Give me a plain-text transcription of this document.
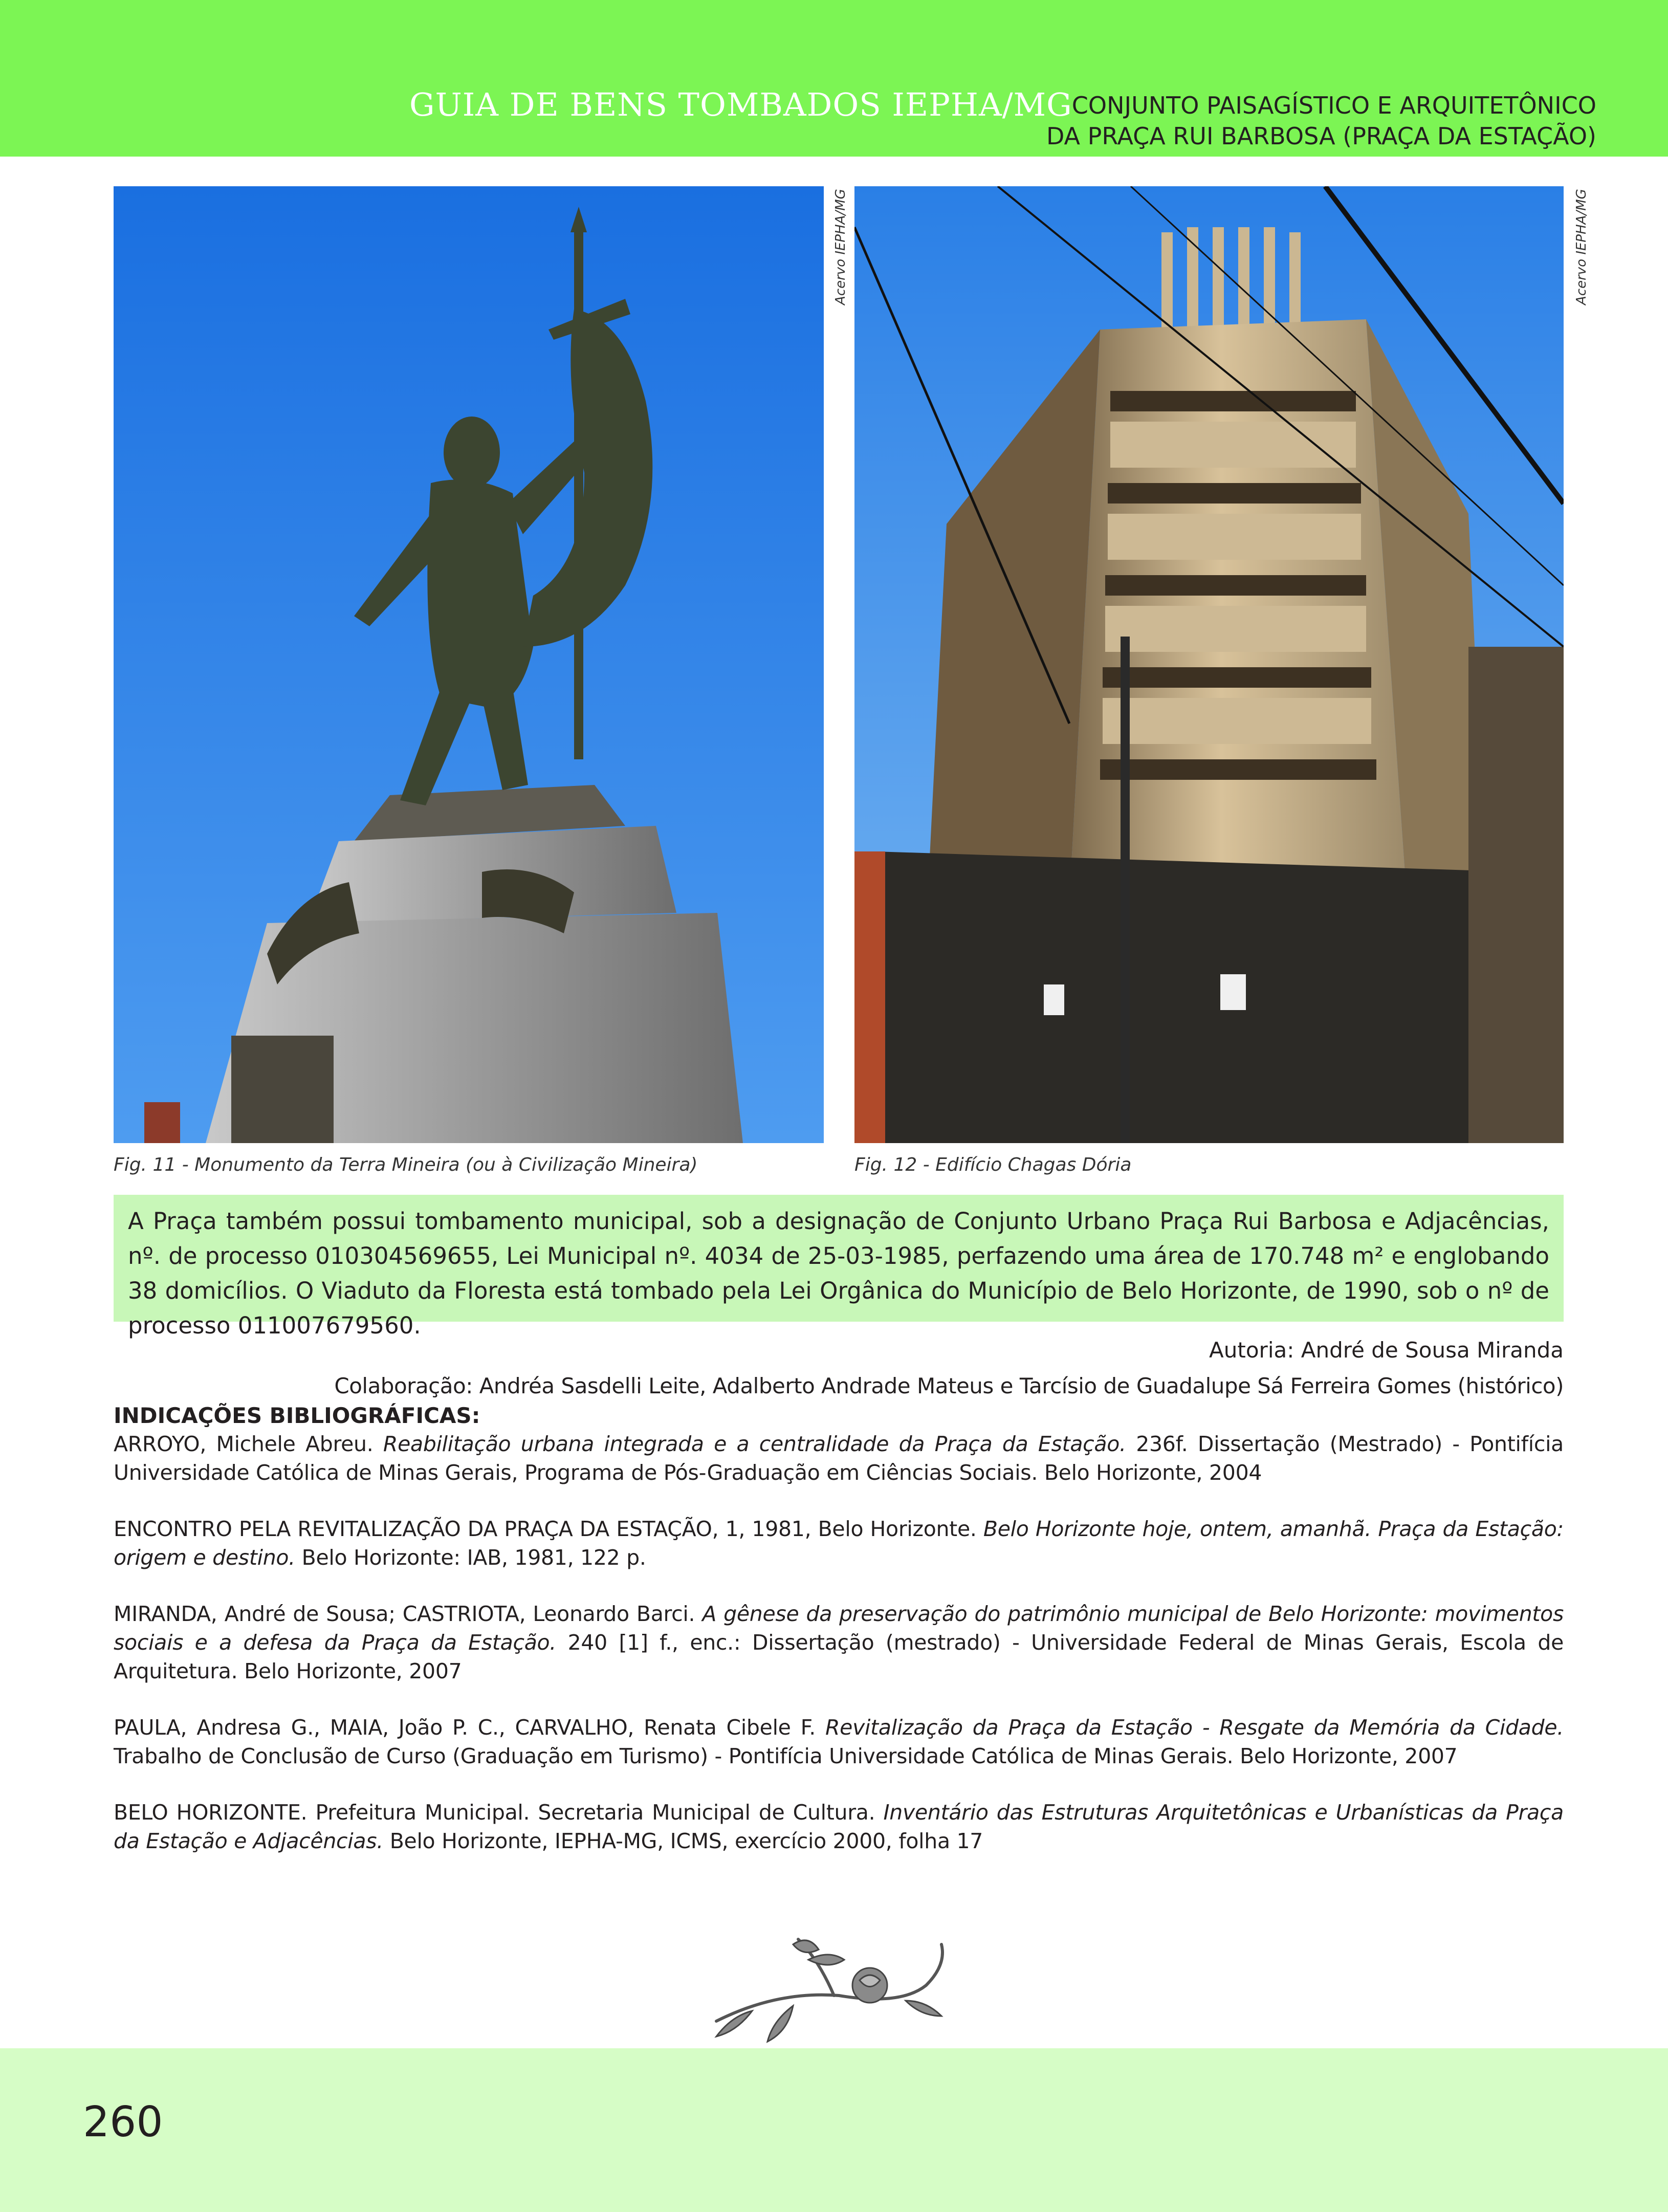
GUIA DE BENS TOMBADOS IEPHA/MG CONJUNTO PAISAGÍSTICO E ARQUITETÔNICO
DA PRAÇA RUI BARBOSA (PRAÇA DA ESTAÇÃO)
Acervo IEPHA/MG
Fig. 11 - Monumento da Terra Mineira (ou à Civilização Mineira)
Acervo IEPHA/MG
Fig. 12 - Edifício Chagas Dória
A Praça também possui tombamento municipal, sob a designação de Conjunto Urbano Praça Rui Barbosa e Adjacências, nº. de processo 010304569655, Lei Municipal nº. 4034 de 25-03-1985, perfazendo uma área de 170.748 m² e englobando 38 domicílios. O Viaduto da Floresta está tombado pela Lei Orgânica do Município de Belo Horizonte, de 1990, sob o nº de processo 011007679560.
Autoria: André de Sousa Miranda
Colaboração: Andréa Sasdelli Leite, Adalberto Andrade Mateus e Tarcísio de Guadalupe Sá Ferreira Gomes (histórico)
INDICAÇÕES BIBLIOGRÁFICAS:
ARROYO, Michele Abreu. Reabilitação urbana integrada e a centralidade da Praça da Estação. 236f. Dissertação (Mestrado) - Pontifícia Universidade Católica de Minas Gerais, Programa de Pós-Graduação em Ciências Sociais. Belo Horizonte, 2004
ENCONTRO PELA REVITALIZAÇÃO DA PRAÇA DA ESTAÇÃO, 1, 1981, Belo Horizonte. Belo Horizonte hoje, ontem, amanhã. Praça da Estação: origem e destino. Belo Horizonte: IAB, 1981, 122 p.
MIRANDA, André de Sousa; CASTRIOTA, Leonardo Barci. A gênese da preservação do patrimônio municipal de Belo Horizonte: movimentos sociais e a defesa da Praça da Estação. 240 [1] f., enc.: Dissertação (mestrado) - Universidade Federal de Minas Gerais, Escola de Arquitetura. Belo Horizonte, 2007
PAULA, Andresa G., MAIA, João P. C., CARVALHO, Renata Cibele F. Revitalização da Praça da Estação - Resgate da Memória da Cidade. Trabalho de Conclusão de Curso (Graduação em Turismo) - Pontifícia Universidade Católica de Minas Gerais. Belo Horizonte, 2007
BELO HORIZONTE. Prefeitura Municipal. Secretaria Municipal de Cultura. Inventário das Estruturas Arquitetônicas e Urbanísticas da Praça da Estação e Adjacências. Belo Horizonte, IEPHA-MG, ICMS, exercício 2000, folha 17
260
